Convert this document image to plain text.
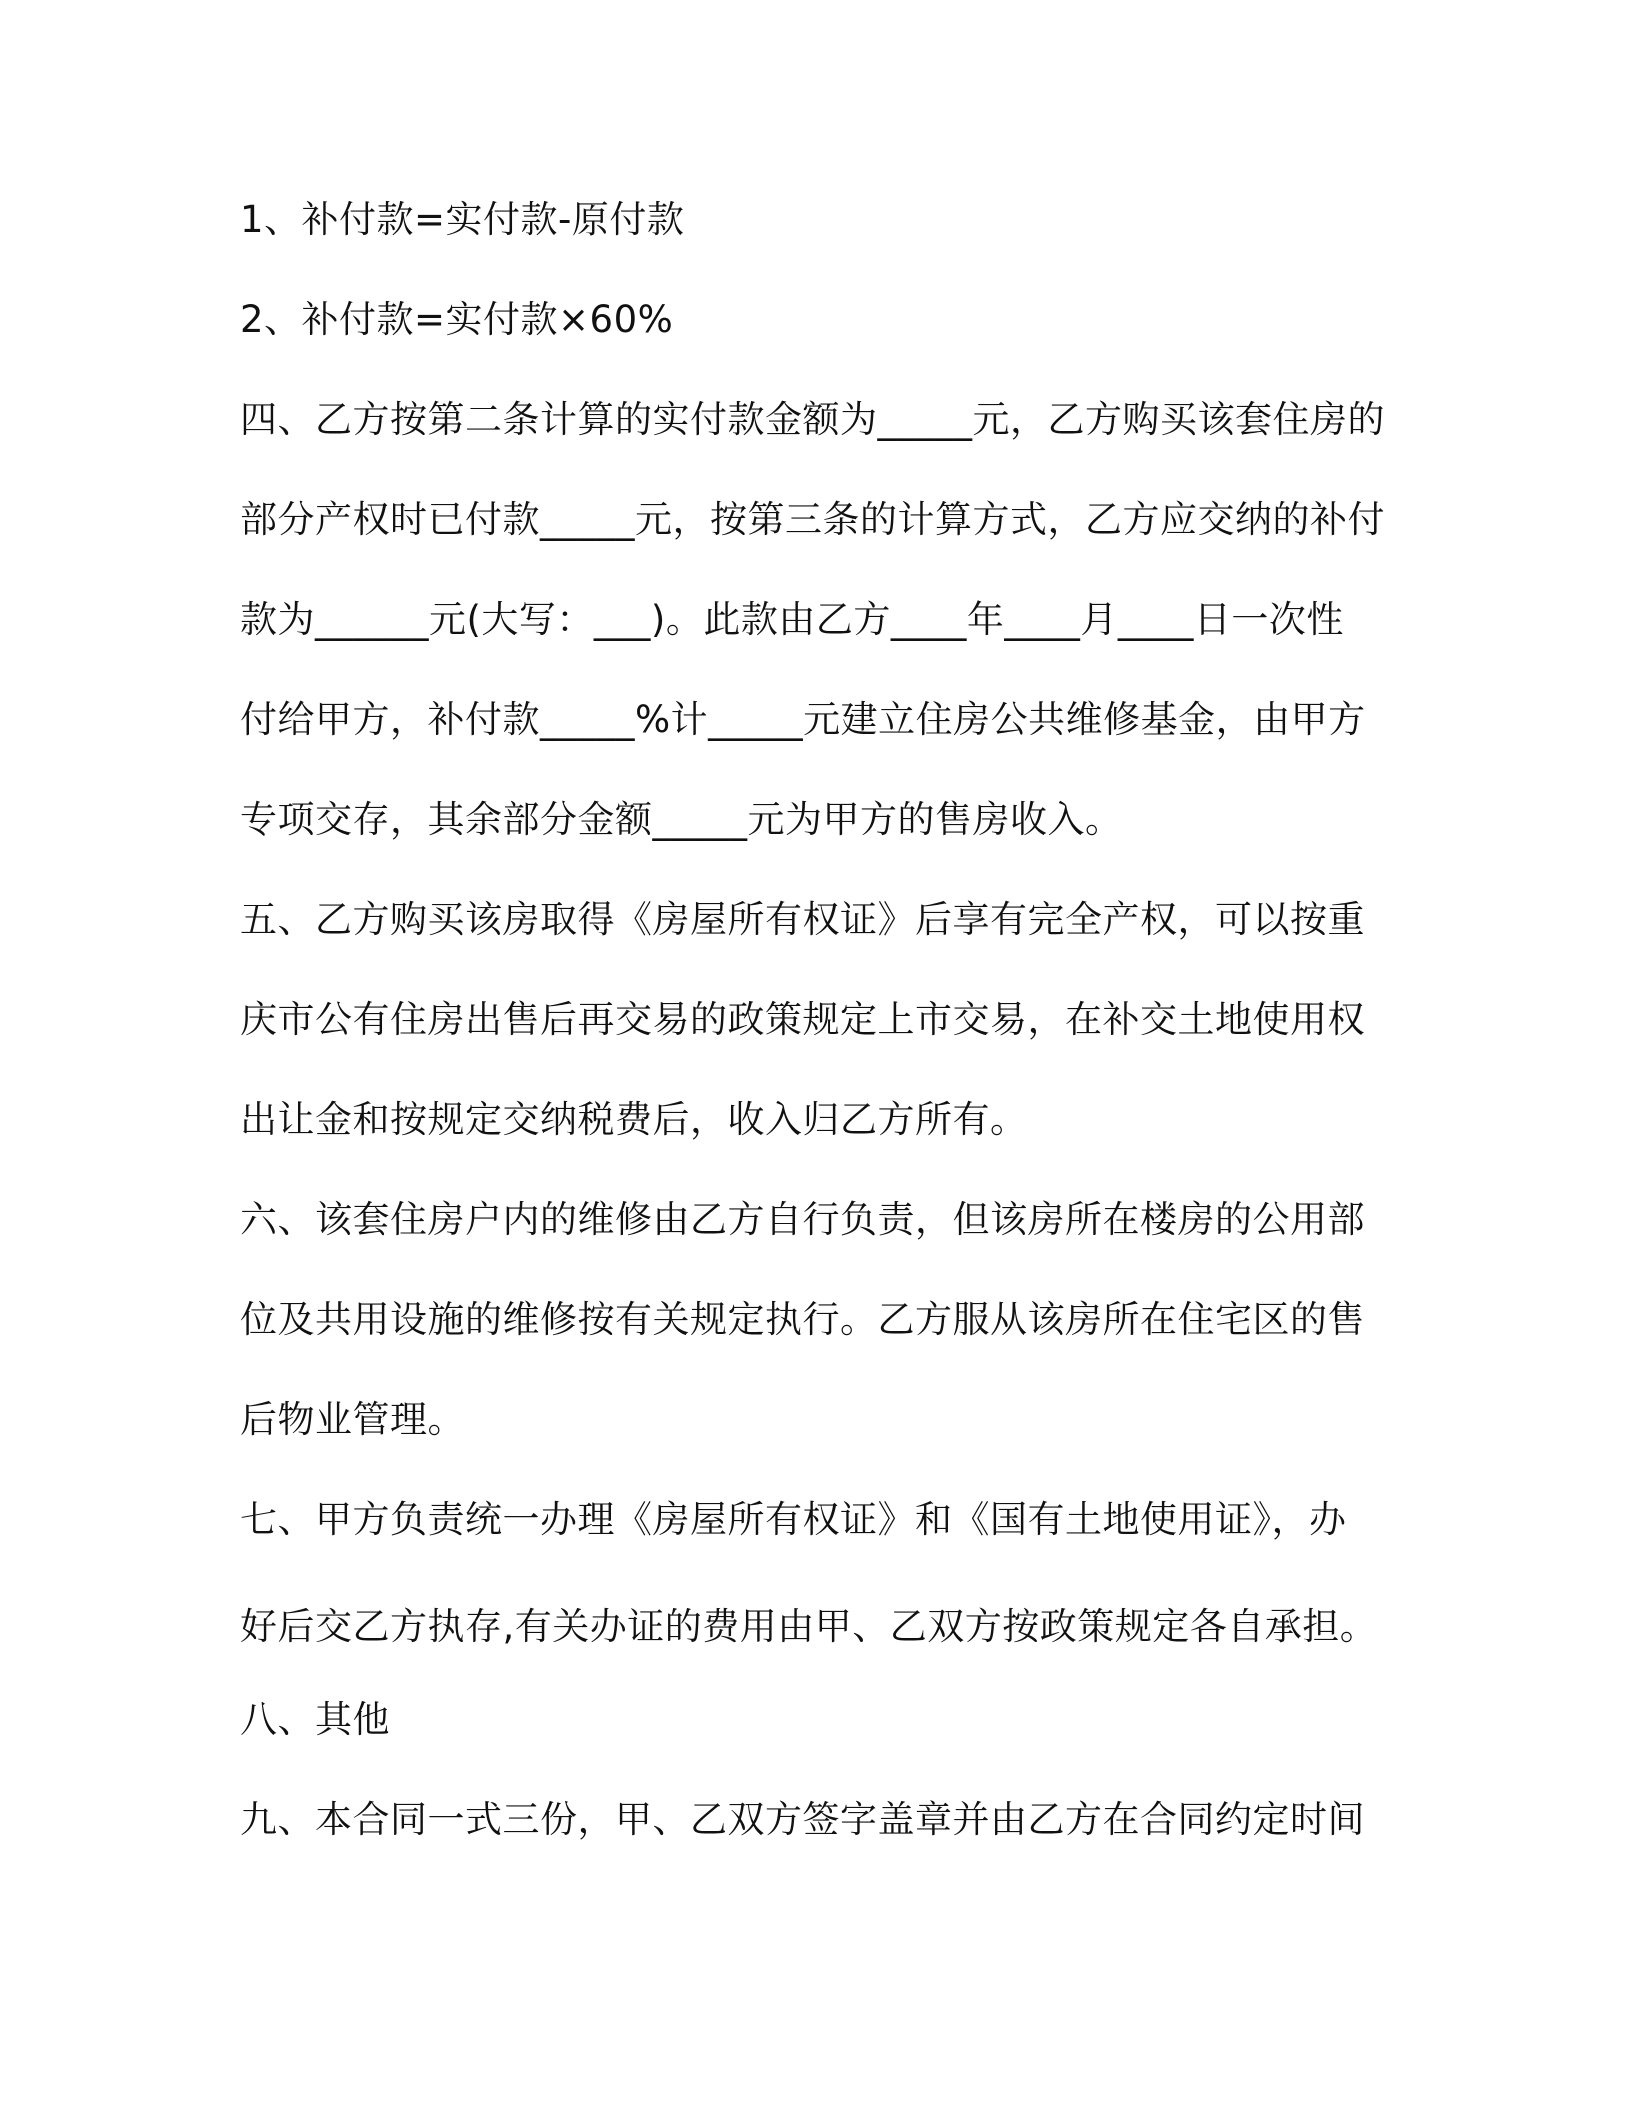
1、补付款=实付款-原付款
2、补付款=实付款×60%
四、乙方按第二条计算的实付款金额为_____元，乙方购买该套住房的
部分产权时已付款_____元，按第三条的计算方式，乙方应交纳的补付
款为______元(大写：___)。此款由乙方____年____月____日一次性
付给甲方，补付款_____%计_____元建立住房公共维修基金，由甲方
专项交存，其余部分金额_____元为甲方的售房收入。
五、乙方购买该房取得《房屋所有权证》后享有完全产权，可以按重
庆市公有住房出售后再交易的政策规定上市交易，在补交土地使用权
出让金和按规定交纳税费后，收入归乙方所有。
六、该套住房户内的维修由乙方自行负责，但该房所在楼房的公用部
位及共用设施的维修按有关规定执行。乙方服从该房所在住宅区的售
后物业管理。
七、甲方负责统一办理《房屋所有权证》和《国有土地使用证》，办
好后交乙方执存,有关办证的费用由甲、乙双方按政策规定各自承担。
八、其他
九、本合同一式三份，甲、乙双方签字盖章并由乙方在合同约定时间
